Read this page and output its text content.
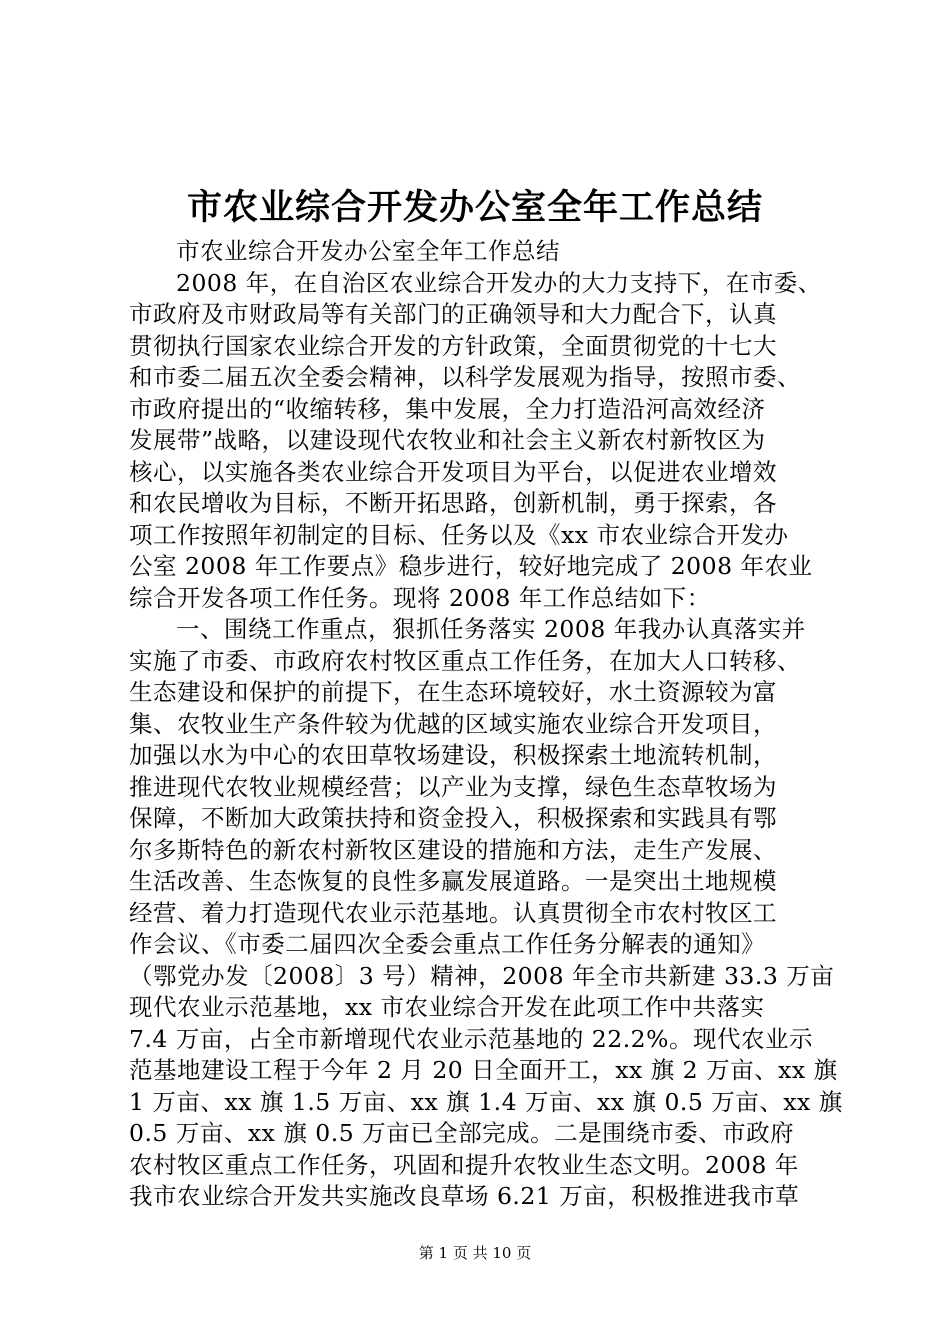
市农业综合开发办公室全年工作总结
市农业综合开发办公室全年工作总结
2008 年，在自治区农业综合开发办的大力支持下，在市委、
市政府及市财政局等有关部门的正确领导和大力配合下，认真
贯彻执行国家农业综合开发的方针政策，全面贯彻党的十七大
和市委二届五次全委会精神，以科学发展观为指导，按照市委、
市政府提出的“收缩转移，集中发展，全力打造沿河高效经济
发展带”战略，以建设现代农牧业和社会主义新农村新牧区为
核心，以实施各类农业综合开发项目为平台，以促进农业增效
和农民增收为目标，不断开拓思路，创新机制，勇于探索，各
项工作按照年初制定的目标、任务以及《xx 市农业综合开发办
公室 2008 年工作要点》稳步进行，较好地完成了 2008 年农业
综合开发各项工作任务。现将 2008 年工作总结如下：
一、围绕工作重点，狠抓任务落实 2008 年我办认真落实并
实施了市委、市政府农村牧区重点工作任务，在加大人口转移、
生态建设和保护的前提下，在生态环境较好，水土资源较为富
集、农牧业生产条件较为优越的区域实施农业综合开发项目，
加强以水为中心的农田草牧场建设，积极探索土地流转机制，
推进现代农牧业规模经营；以产业为支撑，绿色生态草牧场为
保障，不断加大政策扶持和资金投入，积极探索和实践具有鄂
尔多斯特色的新农村新牧区建设的措施和方法，走生产发展、
生活改善、生态恢复的良性多赢发展道路。一是突出土地规模
经营、着力打造现代农业示范基地。认真贯彻全市农村牧区工
作会议、《市委二届四次全委会重点工作任务分解表的通知》
（鄂党办发〔2008〕3 号）精神，2008 年全市共新建 33.3 万亩
现代农业示范基地，xx 市农业综合开发在此项工作中共落实
7.4 万亩，占全市新增现代农业示范基地的 22.2%。现代农业示
范基地建设工程于今年 2 月 20 日全面开工，xx 旗 2 万亩、xx 旗
1 万亩、xx 旗 1.5 万亩、xx 旗 1.4 万亩、xx 旗 0.5 万亩、xx 旗
0.5 万亩、xx 旗 0.5 万亩已全部完成。二是围绕市委、市政府
农村牧区重点工作任务，巩固和提升农牧业生态文明。2008 年
我市农业综合开发共实施改良草场 6.21 万亩，积极推进我市草
第 1 页 共 10 页
